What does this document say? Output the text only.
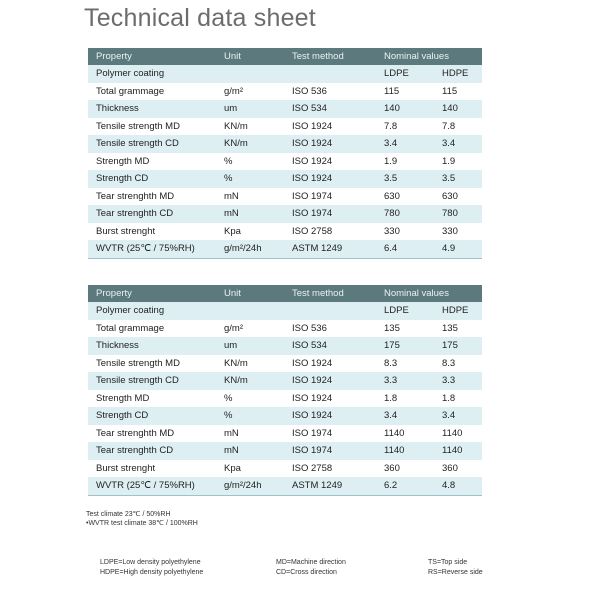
Technical data sheet
Property	Unit	Test method	Nominal values	
Polymer coating			LDPE	HDPE
Total grammage	g/m²	ISO 536	115	115
Thickness	um	ISO 534	140	140
Tensile strength MD	KN/m	ISO 1924	7.8	7.8
Tensile strength CD	KN/m	ISO 1924	3.4	3.4
Strength MD	%	ISO 1924	1.9	1.9
Strength CD	%	ISO 1924	3.5	3.5
Tear strenghth MD	mN	ISO 1974	630	630
Tear strenghth CD	mN	ISO 1974	780	780
Burst strenght	Kpa	ISO 2758	330	330
WVTR (25℃ / 75%RH)	g/m²/24h	ASTM 1249	6.4	4.9
Property	Unit	Test method	Nominal values	
Polymer coating			LDPE	HDPE
Total grammage	g/m²	ISO 536	135	135
Thickness	um	ISO 534	175	175
Tensile strength MD	KN/m	ISO 1924	8.3	8.3
Tensile strength CD	KN/m	ISO 1924	3.3	3.3
Strength MD	%	ISO 1924	1.8	1.8
Strength CD	%	ISO 1924	3.4	3.4
Tear strenghth MD	mN	ISO 1974	1140	1140
Tear strenghth CD	mN	ISO 1974	1140	1140
Burst strenght	Kpa	ISO 2758	360	360
WVTR (25℃ / 75%RH)	g/m²/24h	ASTM 1249	6.2	4.8
Test climate 23℃ / 50%RH
•WVTR test climate 38℃ / 100%RH
LDPE=Low density polyethylene
HDPE=High density polyethylene
MD=Machine direction
CD=Cross direction
TS=Top side
RS=Reverse side
